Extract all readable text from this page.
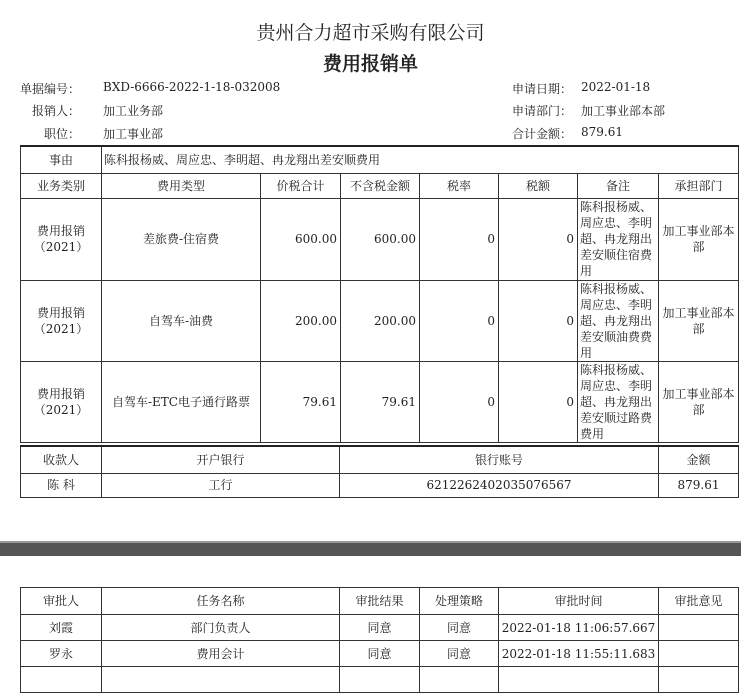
贵州合力超市采购有限公司
费用报销单
单据编号： BXD-6666-2022-1-18-032008
报销人： 加工业务部
职位： 加工事业部
申请日期： 2022-01-18
申请部门： 加工事业部本部
合计金额： 879.61
事由	陈科报杨威、周应忠、李明超、冉龙翔出差安顺费用						
业务类别	费用类型	价税合计	不含税金额	税率	税额	备注	承担部门
费用报销（2021）	差旅费-住宿费	600.00	600.00	0	0	陈科报杨威、周应忠、李明超、冉龙翔出差安顺住宿费用	加工事业部本部
费用报销（2021）	自驾车-油费	200.00	200.00	0	0	陈科报杨威、周应忠、李明超、冉龙翔出差安顺油费费用	加工事业部本部
费用报销（2021）	自驾车-ETC电子通行路票	79.61	79.61	0	0	陈科报杨威、周应忠、李明超、冉龙翔出差安顺过路费费用	加工事业部本部
收款人	开户银行	银行账号	金额
陈 科	工行	6212262402035076567	879.61
审批人	任务名称	审批结果	处理策略	审批时间	审批意见
刘霞	部门负责人	同意	同意	2022-01-18 11:06:57.667	
罗永	费用会计	同意	同意	2022-01-18 11:55:11.683	
